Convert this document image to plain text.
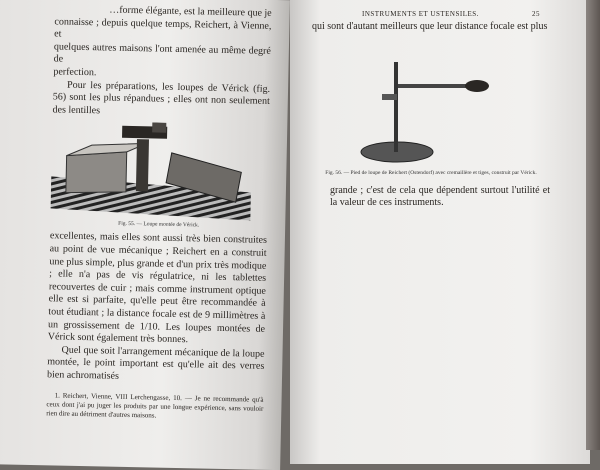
…forme élégante, est la meilleure que je

connaisse ; depuis quelque temps, Reichert, à Vienne, et

quelques autres maisons l'ont amenée au même degré de

perfection.

Pour les préparations, les loupes de Vérick (fig. 56) sont les plus répandues ; elles ont non seulement des lentilles

Fig. 55. — Loupe montée de Vérick.

excellentes, mais elles sont aussi très bien construites au point de vue mécanique ; Reichert en a construit une plus simple, plus grande et d'un prix très modique ; elle n'a pas de vis régulatrice, ni les tablettes recouvertes de cuir ; mais comme instrument optique elle est si parfaite, qu'elle peut être recommandée à tout étudiant ; la distance focale est de 9 millimètres à un grossissement de 1/10. Les loupes montées de Vérick sont également très bonnes.

Quel que soit l'arrangement mécanique de la loupe montée, le point important est qu'elle ait des verres bien achromatisés

1. Reichert, Vienne, VIII Lerchengasse, 10. — Je ne recommande qu'à ceux dont j'ai pu juger les produits par une longue expérience, sans vouloir rien dire au détriment d'autres maisons.
INSTRUMENTS ET USTENSILES.	25
qui sont d'autant meilleurs que leur distance focale est plus
Fig. 56. — Pied de loupe de Reichert (Ostendorf) avec cremaillère et tiges, construit par Vérick.
grande ; c'est de cela que dépendent surtout l'utilité et la valeur de ces instruments.
